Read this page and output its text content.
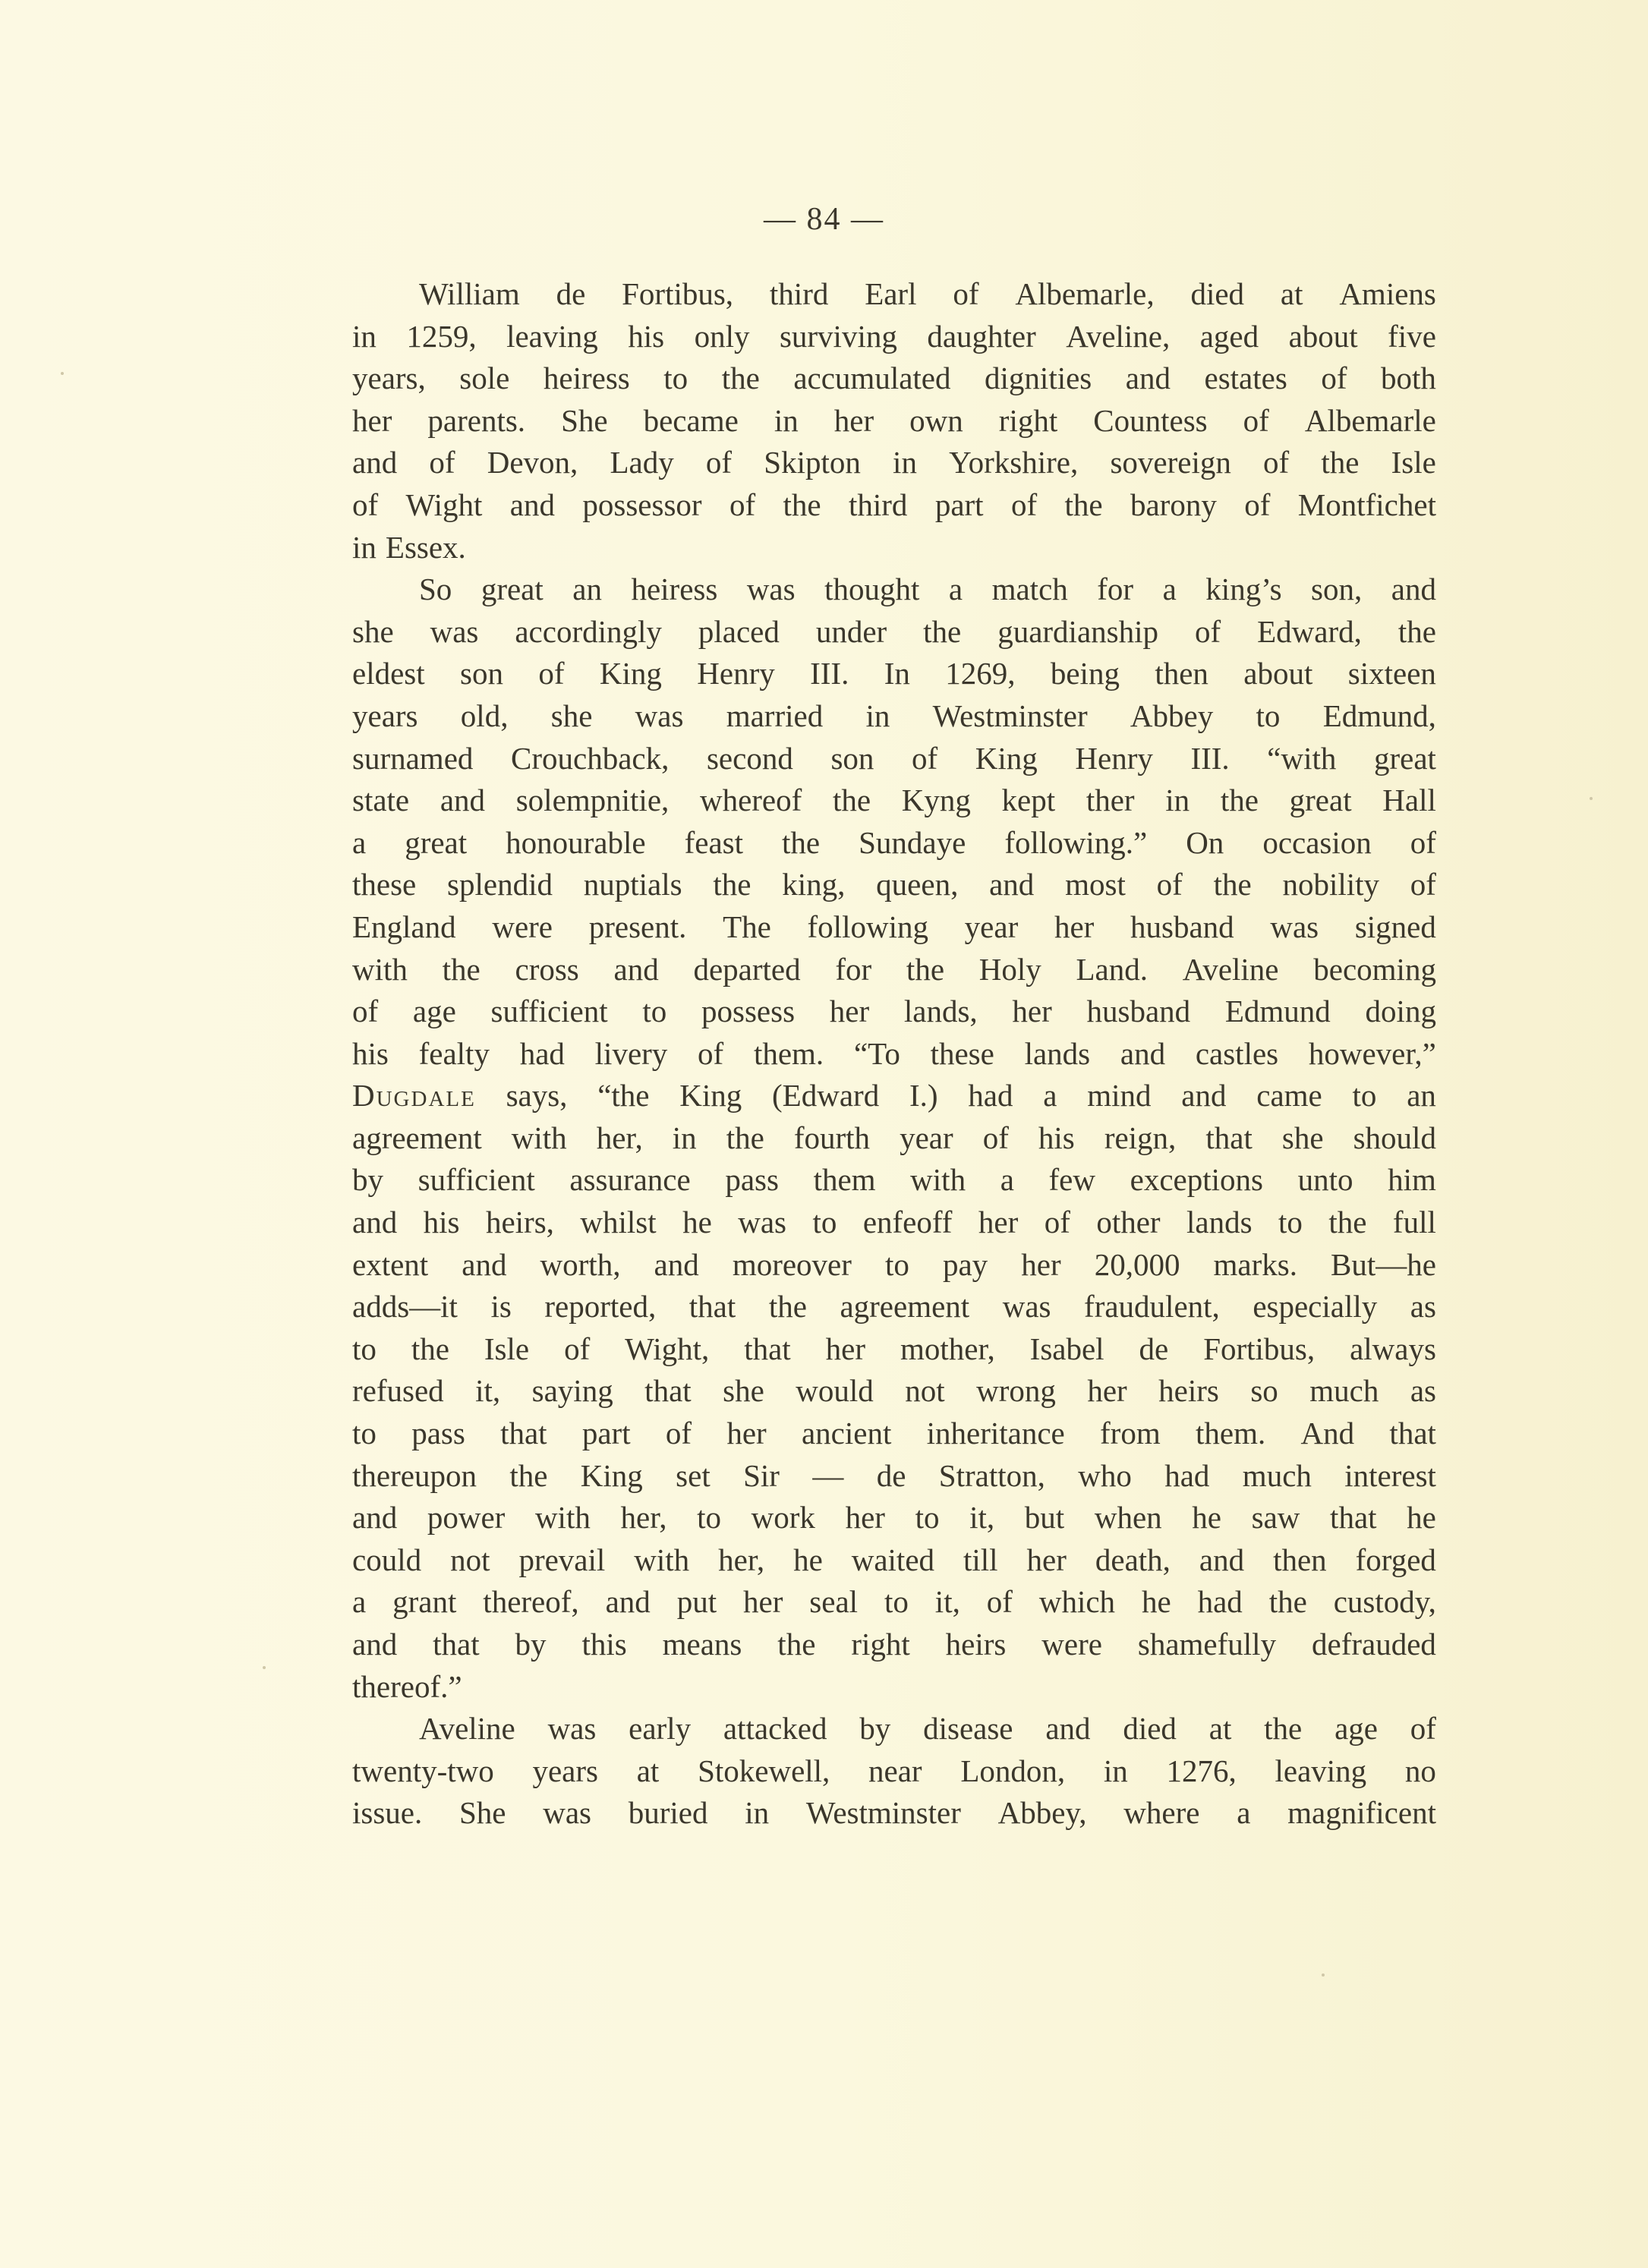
— 84 —
William de Fortibus, third Earl of Albemarle, died at Amiens
in 1259, leaving his only surviving daughter Aveline, aged about five
years, sole heiress to the accumulated dignities and estates of both
her parents. She became in her own right Countess of Albemarle
and of Devon, Lady of Skipton in Yorkshire, sovereign of the Isle
of Wight and possessor of the third part of the barony of Montfichet
in Essex.
So great an heiress was thought a match for a king’s son, and
she was accordingly placed under the guardianship of Edward, the
eldest son of King Henry III. In 1269, being then about sixteen
years old, she was married in Westminster Abbey to Edmund,
surnamed Crouchback, second son of King Henry III. “with great
state and solempnitie, whereof the Kyng kept ther in the great Hall
a great honourable feast the Sundaye following.” On occasion of
these splendid nuptials the king, queen, and most of the nobility of
England were present. The following year her husband was signed
with the cross and departed for the Holy Land. Aveline becoming
of age sufficient to possess her lands, her husband Edmund doing
his fealty had livery of them. “To these lands and castles however,”
Dugdale says, “the King (Edward I.) had a mind and came to an
agreement with her, in the fourth year of his reign, that she should
by sufficient assurance pass them with a few exceptions unto him
and his heirs, whilst he was to enfeoff her of other lands to the full
extent and worth, and moreover to pay her 20,000 marks. But—he
adds—it is reported, that the agreement was fraudulent, especially as
to the Isle of Wight, that her mother, Isabel de Fortibus, always
refused it, saying that she would not wrong her heirs so much as
to pass that part of her ancient inheritance from them. And that
thereupon the King set Sir — de Stratton, who had much interest
and power with her, to work her to it, but when he saw that he
could not prevail with her, he waited till her death, and then forged
a grant thereof, and put her seal to it, of which he had the custody,
and that by this means the right heirs were shamefully defrauded
thereof.”
Aveline was early attacked by disease and died at the age of
twenty-two years at Stokewell, near London, in 1276, leaving no
issue. She was buried in Westminster Abbey, where a magnificent
